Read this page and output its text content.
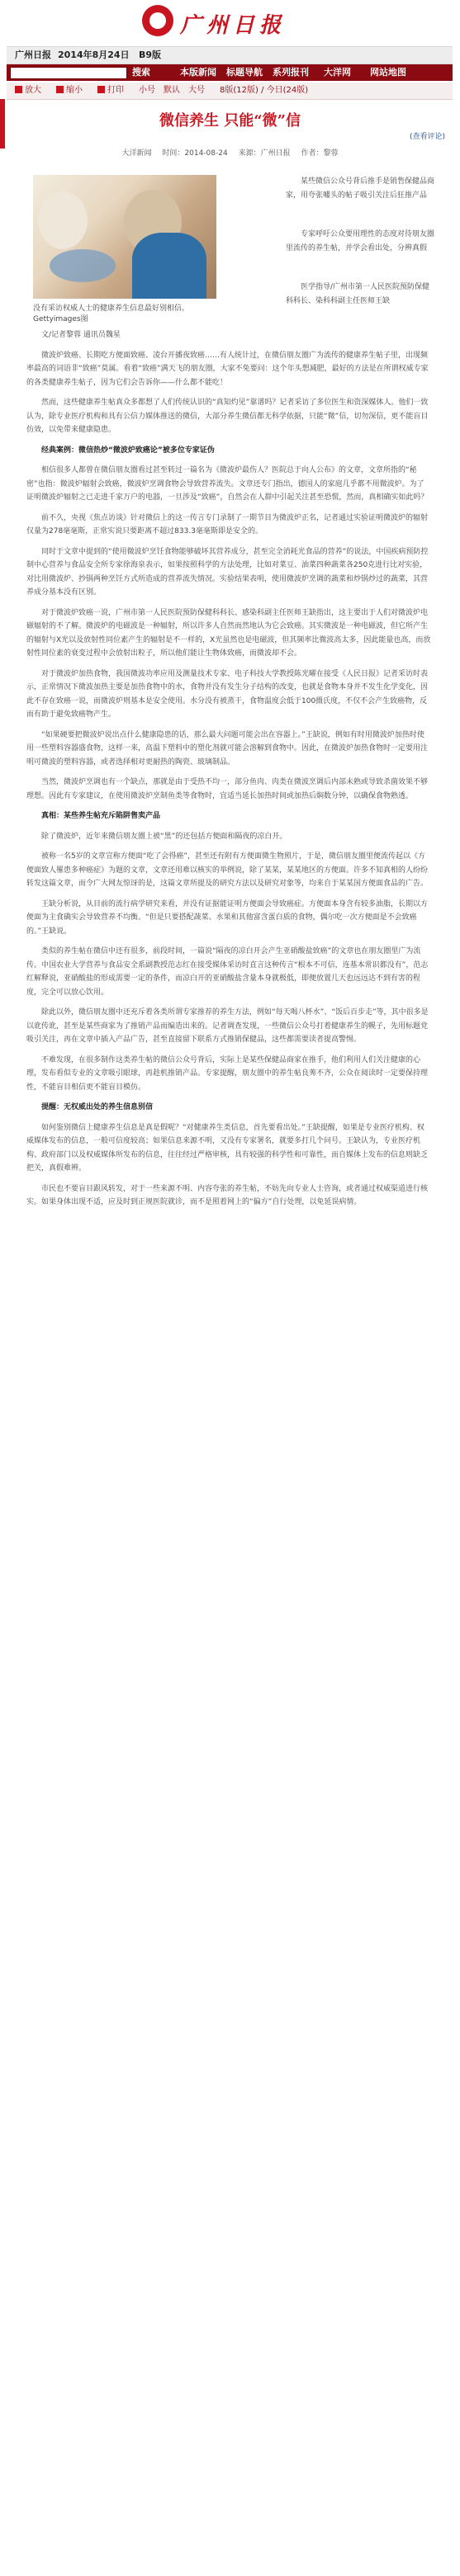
广州日报
广州日报 2014年8月24日 B9版
搜索	本版新闻 标题导航 系列报刊 大洋网 网站地图
放大	缩小	打印 小号 默认 大号 8版(12版) / 今日(24版)
微信养生 只能“微”信
(查看评论)
大洋新闻 时间：2014-08-24 来源：广州日报 作者：黎蓉
没有采访权威人士的健康养生信息最好别相信。
Gettyimages图

某些微信公众号背后推手是销售保健品商家，用夸张噱头的帖子吸引关注后狂推产品

专家呼吁公众要用理性的态度对待朋友圈里流传的养生帖，并学会看出处，分辨真假

医学指导/广州市第一人民医院预防保健科科长、染科科副主任医师王缺

文/记者黎蓉 通讯员魏星

微波炉致癌、长期吃方便面致癌、凌台开播夜致癌……有人统计过，在微信朋友圈广为流传的健康养生帖子里，出现频率最高的词语非“致癌”莫属。看着“致癌”满天飞的朋友圈，大家不免要问：这个年头想减肥，最好的方法是在所谓权威专家的各类健康养生帖子，因为它们会告诉你——什么都不能吃！

然而，这些健康养生帖真众多都想了人们传统认识的“真知灼见”靠谱吗？记者采访了多位医生和资深媒体人。他们一致认为，除专业医疗机构和具有公信力媒体推送的微信，大部分养生微信都无科学依据，只能“微”信，切勿深信，更不能盲目仿效，以免带来健康隐患。

经典案例：微信热炒“微波炉致癌论”被多位专家证伪

相信很多人都曾在微信朋友圈看过甚至转过一篇名为《微波炉最伤人？医院总于向人公布》的文章，文章所指的“秘密”也指：微波炉辐射会致癌，微波炉烹调食物会导致营养流失。文章还专门指出，德国人的家庭几乎都不用微波炉。为了证明微波炉辐射之已走进千家万户的电器，一旦涉及“致癌”，自然会在人群中引起关注甚至恐慌，然而，真相确实如此吗？

前不久，央视《焦点访谈》针对微信上的这一传言专门录制了一期节目为微波炉正名，记者通过实验证明微波炉的辐射仅量为278毫毫斯，正常实说只要距离不超过833.3毫毫斯即是安全的。

同时于文章中提到的“使用微波炉烹饪食物能够破坏其营养成分，甚至完全消耗光食品的营养”的说法，中国疾病预防控制中心营养与食品安全所专家徐海泉表示，如果按照科学的方法处理，比如对菜豆、油菜四种蔬菜各250克进行比对实验，对比用微波炉、抄锅两种烹饪方式所造成的营养流失情况。实验结果表明，使用微波炉烹调的蔬菜和炒锅炒过的蔬菜，其营养成分基本没有区别。

对于微波炉致癌一说，广州市第一人民医院预防保健科科长、感染科副主任医师王缺指出，这主要出于人们对微波炉电磁辐射的不了解。微波炉的电磁波是一种辐射，所以许多人自然而然地认为它会致癌。其实微波是一种电磁波，但它所产生的辐射与X光以及放射性同位素产生的辐射是不一样的，X光虽然也是电磁波，但其频率比微波高太多，因此能量也高，而放射性同位素的衰变过程中会放射出粒子，所以他们能让生物体致癌，而微波却不会。

对于微波炉加热食物，我国微波功率应用及测量技术专家、电子科技大学教授陈光曜在接受《人民日报》记者采访时表示，正常情况下微波加热主要是加热食物中的水，食物并没有发生分子结构的改变，也就是食物本身并不发生化学变化，因此不存在致癌一说，而微波炉则基本是安全使用。水分没有被蒸干，食物温度会低于100摄氏度，不仅不会产生致癌物，反而有助于避免致癌物产生。

“如果硬要把微波炉说出点什么健康隐患的话，那么最大问题可能会出在容器上。”王缺说，例如有时用微波炉加热时使用一些塑料容器盛食物，这样一来，高温下塑料中的塑化剂就可能会溶解到食物中。因此，在微波炉加热食物时一定要用注明可微波的塑料容器，或者选择相对更耐热的陶瓷、玻璃制品。

当然，微波炉烹调也有一个缺点，那就是由于受热不均一，部分鱼肉、肉类在微波烹调后内部未熟或导致杀菌效果不够理想。因此有专家建议，在使用微波炉烹制鱼类等食物时，宜适当延长加热时间或加热后焖数分钟，以确保食物熟透。

真相：某些养生帖充斥陷阱售卖产品

除了微波炉，近年来微信朋友圈上被“黑”的还包括方便面和隔夜的凉白开。

被称一名5岁的文章宣称方便面“吃了会得癌”，甚至还有附有方便面微生物照片，于是，微信朋友圈里便流传起以《方便面致人罹患多种癌症》为题的文章，文章还用难以核实的举例说，除了某某，某某地区的方便面。许多不知真相的人纷纷转发这篇文章，而令广大网友惊讶的是，这篇文章所提及的研究方法以及研究对象等，均来自于某某国方便面食品的广告。

王缺分析说，从目前的流行病学研究来看，并没有证据能证明方便面会导致癌症。方便面本身含有较多油脂，长期以方便面为主食确实会导致营养不均衡。“但是只要搭配蔬菜、水果和其他富含蛋白质的食物，偶尔吃一次方便面是不会致癌的。”王缺说。

类似的养生帖在微信中还有很多，前段时间，一篇说“隔夜的凉白开会产生亚硝酸盐致癌”的文章也在朋友圈里广为流传。中国农业大学营养与食品安全系副教授范志红在接受媒体采访时直言这种传言“根本不可信，连基本常识都没有”，范志红解释说，亚硝酸盐的形成需要一定的条件，而凉白开的亚硝酸盐含量本身就极低，即便放置几天也远远达不到有害的程度，完全可以放心饮用。

除此以外，微信朋友圈中还充斥着各类所谓专家推荐的养生方法，例如“每天喝八杯水”、“饭后百步走”等，其中很多是以讹传讹，甚至是某些商家为了推销产品而编造出来的。记者调查发现，一些微信公众号打着健康养生的幌子，先用标题党吸引关注，再在文章中插入产品广告，甚至直接留下联系方式推销保健品，这些都需要读者提高警惕。

不难发现，在很多制作这类养生帖的微信公众号背后，实际上是某些保健品商家在推手，他们利用人们关注健康的心理，发布看似专业的文章吸引眼球，再趁机推销产品。专家提醒，朋友圈中的养生帖良莠不齐，公众在阅读时一定要保持理性，不能盲目相信更不能盲目模仿。

提醒：无权威出处的养生信息别信

如何鉴别微信上健康养生信息是真是假呢？“对健康养生类信息，首先要看出处。”王缺提醒，如果是专业医疗机构、权威媒体发布的信息，一般可信度较高；如果信息来源不明，又没有专家署名，就要多打几个问号。王缺认为，专业医疗机构、政府部门以及权威媒体所发布的信息，往往经过严格审核，具有较强的科学性和可靠性，而自媒体上发布的信息则缺乏把关，真假难辨。

市民也不要盲目跟风转发，对于一些来源不明、内容夸张的养生帖，不妨先向专业人士咨询，或者通过权威渠道进行核实。如果身体出现不适，应及时到正规医院就诊，而不是照着网上的“偏方”自行处理，以免延误病情。
